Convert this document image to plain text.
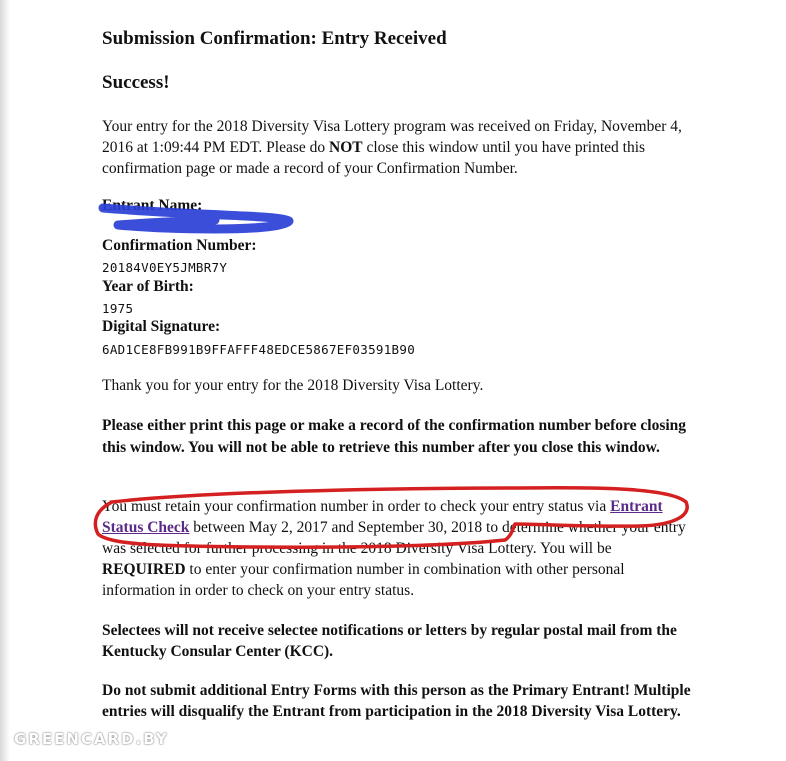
Submission Confirmation: Entry Received
Success!
Your entry for the 2018 Diversity Visa Lottery program was received on Friday, November 4, 2016 at 1:09:44 PM EDT. Please do NOT close this window until you have printed this confirmation page or made a record of your Confirmation Number.
Entrant Name:
Confirmation Number:
20184V0EY5JMBR7Y
Year of Birth:
1975
Digital Signature:
6AD1CE8FB991B9FFAFFF48EDCE5867EF03591B90
Thank you for your entry for the 2018 Diversity Visa Lottery.
Please either print this page or make a record of the confirmation number before closing this window. You will not be able to retrieve this number after you close this window.
You must retain your confirmation number in order to check your entry status via Entrant Status Check between May 2, 2017 and September 30, 2018 to determine whether your entry was selected for further processing in the 2018 Diversity Visa Lottery. You will be REQUIRED to enter your confirmation number in combination with other personal information in order to check on your entry status.
Selectees will not receive selectee notifications or letters by regular postal mail from the Kentucky Consular Center (KCC).
Do not submit additional Entry Forms with this person as the Primary Entrant! Multiple entries will disqualify the Entrant from participation in the 2018 Diversity Visa Lottery.
GREENCARD.BY
